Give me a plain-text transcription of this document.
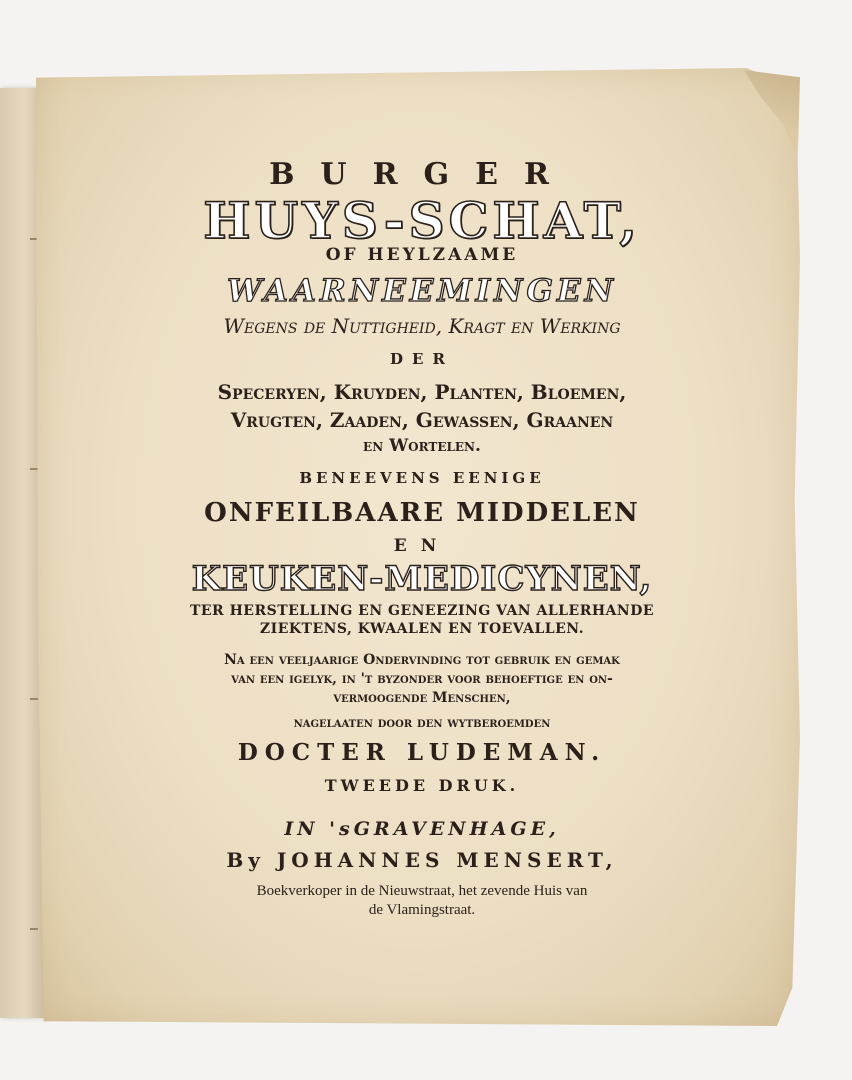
BURGER
HUYS-SCHAT,
OF HEYLZAAME
WAARNEEMINGEN
Wegens de Nuttigheid, Kragt en Werking
DER
Speceryen, Kruyden, Planten, Bloemen,
Vrugten, Zaaden, Gewassen, Graanen
en Wortelen.
BENEEVENS EENIGE
ONFEILBAARE MIDDELEN
EN
KEUKEN-MEDICYNEN,
TER HERSTELLING EN GENEEZING VAN ALLERHANDE
ZIEKTENS, KWAALEN EN TOEVALLEN.
Na een veeljaarige Ondervinding tot gebruik en gemak
van een igelyk, in 't byzonder voor behoeftige en on-
vermoogende Menschen,
nagelaaten door den wytberoemden
DOCTER LUDEMAN.
TWEEDE DRUK.
IN 'sGRAVENHAGE,
By JOHANNES MENSERT,
Boekverkoper in de Nieuwstraat, het zevende Huis van
de Vlamingstraat.
